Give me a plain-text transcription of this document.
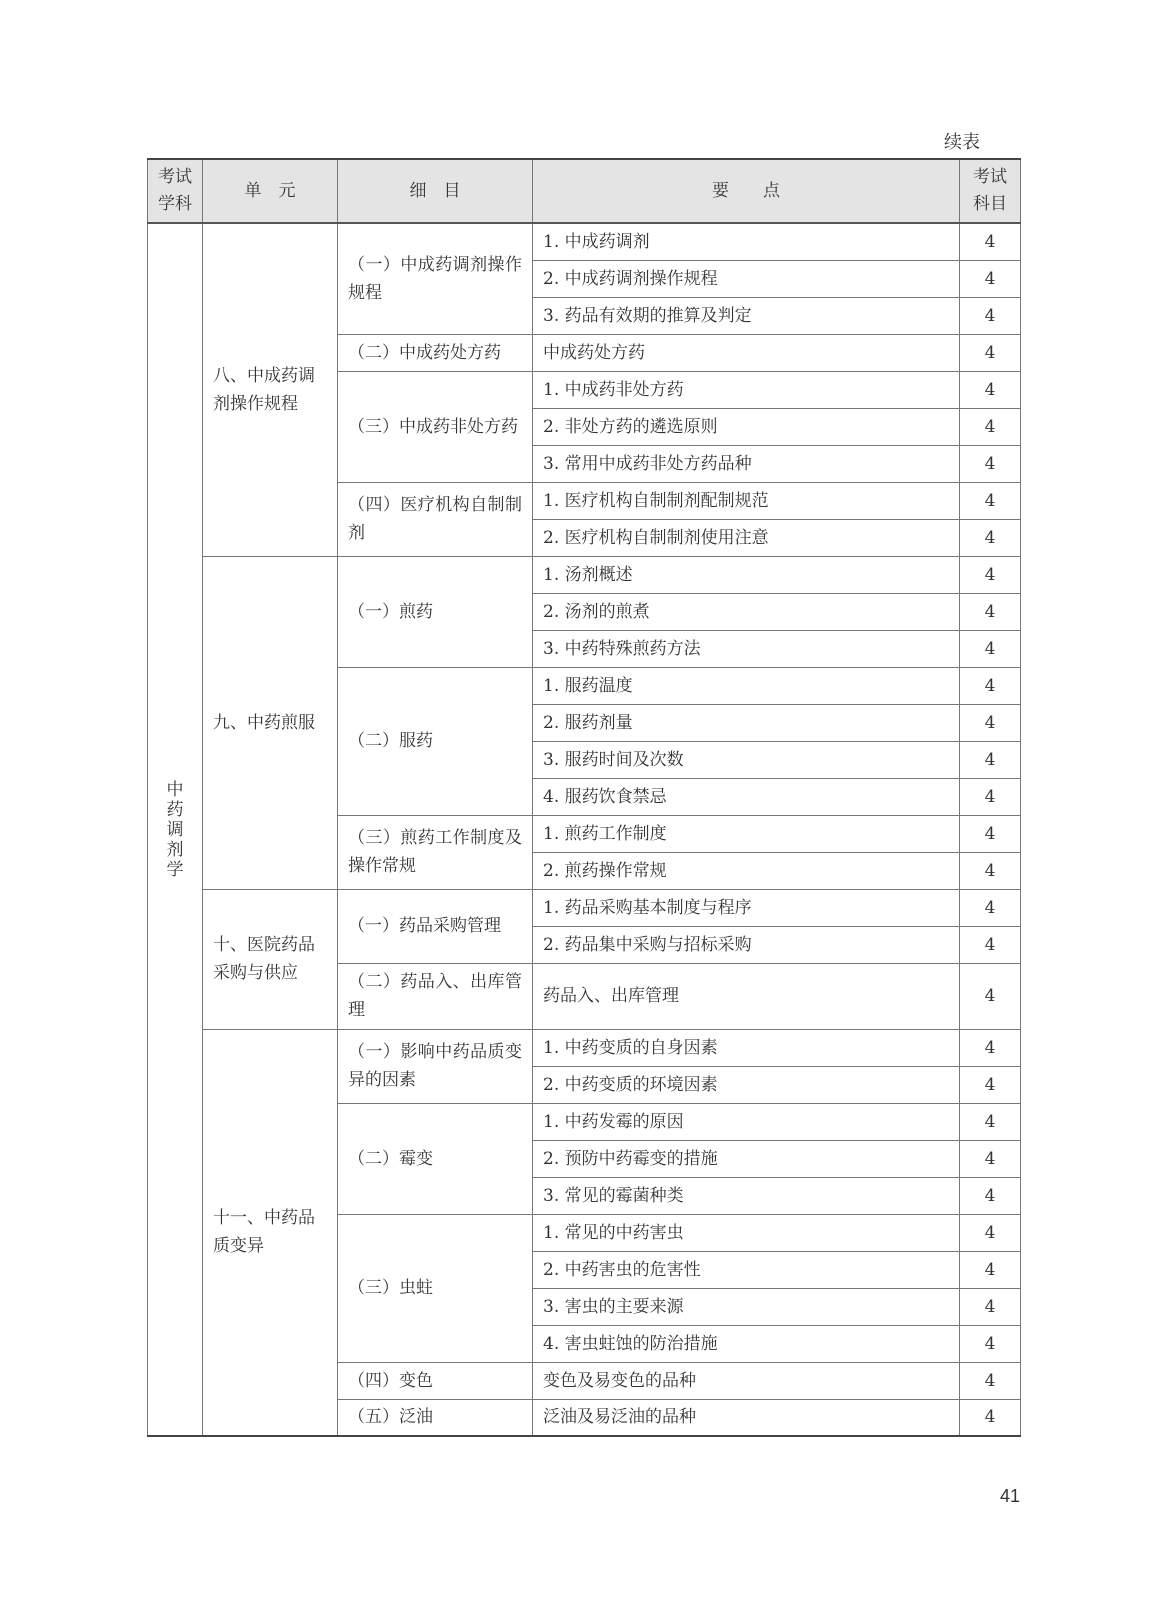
续表
考试学科	单　元	细　目	要　　点	考试科目
中药调剂学	八、中成药调剂操作规程	（一）中成药调剂操作规程	1. 中成药调剂	4
			2. 中成药调剂操作规程	4
			3. 药品有效期的推算及判定	4
		（二）中成药处方药	中成药处方药	4
		（三）中成药非处方药	1. 中成药非处方药	4
			2. 非处方药的遴选原则	4
			3. 常用中成药非处方药品种	4
		（四）医疗机构自制制剂	1. 医疗机构自制制剂配制规范	4
			2. 医疗机构自制制剂使用注意	4
	九、中药煎服	（一）煎药	1. 汤剂概述	4
			2. 汤剂的煎煮	4
			3. 中药特殊煎药方法	4
		（二）服药	1. 服药温度	4
			2. 服药剂量	4
			3. 服药时间及次数	4
			4. 服药饮食禁忌	4
		（三）煎药工作制度及操作常规	1. 煎药工作制度	4
			2. 煎药操作常规	4
	十、医院药品采购与供应	（一）药品采购管理	1. 药品采购基本制度与程序	4
			2. 药品集中采购与招标采购	4
		（二）药品入、出库管理	药品入、出库管理	4
	十一、中药品质变异	（一）影响中药品质变异的因素	1. 中药变质的自身因素	4
			2. 中药变质的环境因素	4
		（二）霉变	1. 中药发霉的原因	4
			2. 预防中药霉变的措施	4
			3. 常见的霉菌种类	4
		（三）虫蛀	1. 常见的中药害虫	4
			2. 中药害虫的危害性	4
			3. 害虫的主要来源	4
			4. 害虫蛀蚀的防治措施	4
		（四）变色	变色及易变色的品种	4
		（五）泛油	泛油及易泛油的品种	4
41
